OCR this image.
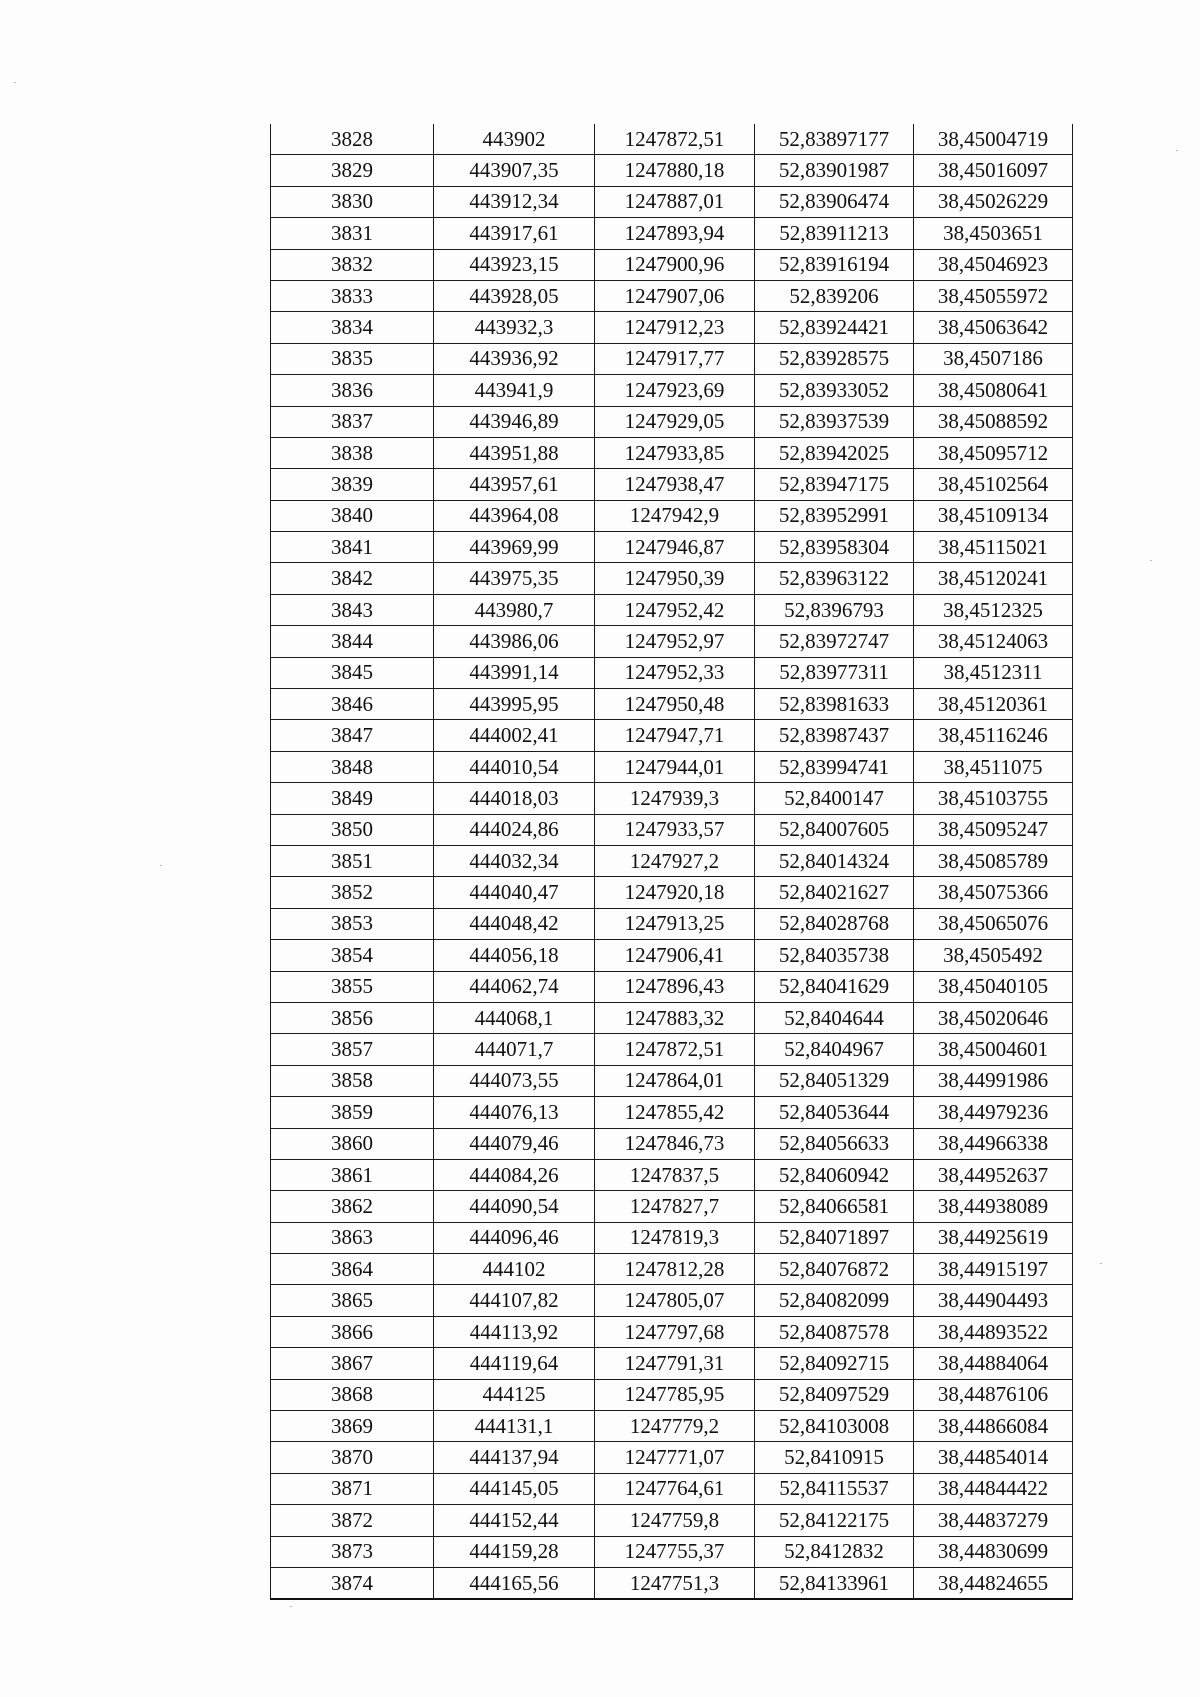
3828	443902	1247872,51	52,83897177	38,45004719
3829	443907,35	1247880,18	52,83901987	38,45016097
3830	443912,34	1247887,01	52,83906474	38,45026229
3831	443917,61	1247893,94	52,83911213	38,4503651
3832	443923,15	1247900,96	52,83916194	38,45046923
3833	443928,05	1247907,06	52,839206	38,45055972
3834	443932,3	1247912,23	52,83924421	38,45063642
3835	443936,92	1247917,77	52,83928575	38,4507186
3836	443941,9	1247923,69	52,83933052	38,45080641
3837	443946,89	1247929,05	52,83937539	38,45088592
3838	443951,88	1247933,85	52,83942025	38,45095712
3839	443957,61	1247938,47	52,83947175	38,45102564
3840	443964,08	1247942,9	52,83952991	38,45109134
3841	443969,99	1247946,87	52,83958304	38,45115021
3842	443975,35	1247950,39	52,83963122	38,45120241
3843	443980,7	1247952,42	52,8396793	38,4512325
3844	443986,06	1247952,97	52,83972747	38,45124063
3845	443991,14	1247952,33	52,83977311	38,4512311
3846	443995,95	1247950,48	52,83981633	38,45120361
3847	444002,41	1247947,71	52,83987437	38,45116246
3848	444010,54	1247944,01	52,83994741	38,4511075
3849	444018,03	1247939,3	52,8400147	38,45103755
3850	444024,86	1247933,57	52,84007605	38,45095247
3851	444032,34	1247927,2	52,84014324	38,45085789
3852	444040,47	1247920,18	52,84021627	38,45075366
3853	444048,42	1247913,25	52,84028768	38,45065076
3854	444056,18	1247906,41	52,84035738	38,4505492
3855	444062,74	1247896,43	52,84041629	38,45040105
3856	444068,1	1247883,32	52,8404644	38,45020646
3857	444071,7	1247872,51	52,8404967	38,45004601
3858	444073,55	1247864,01	52,84051329	38,44991986
3859	444076,13	1247855,42	52,84053644	38,44979236
3860	444079,46	1247846,73	52,84056633	38,44966338
3861	444084,26	1247837,5	52,84060942	38,44952637
3862	444090,54	1247827,7	52,84066581	38,44938089
3863	444096,46	1247819,3	52,84071897	38,44925619
3864	444102	1247812,28	52,84076872	38,44915197
3865	444107,82	1247805,07	52,84082099	38,44904493
3866	444113,92	1247797,68	52,84087578	38,44893522
3867	444119,64	1247791,31	52,84092715	38,44884064
3868	444125	1247785,95	52,84097529	38,44876106
3869	444131,1	1247779,2	52,84103008	38,44866084
3870	444137,94	1247771,07	52,8410915	38,44854014
3871	444145,05	1247764,61	52,84115537	38,44844422
3872	444152,44	1247759,8	52,84122175	38,44837279
3873	444159,28	1247755,37	52,8412832	38,44830699
3874	444165,56	1247751,3	52,84133961	38,44824655
